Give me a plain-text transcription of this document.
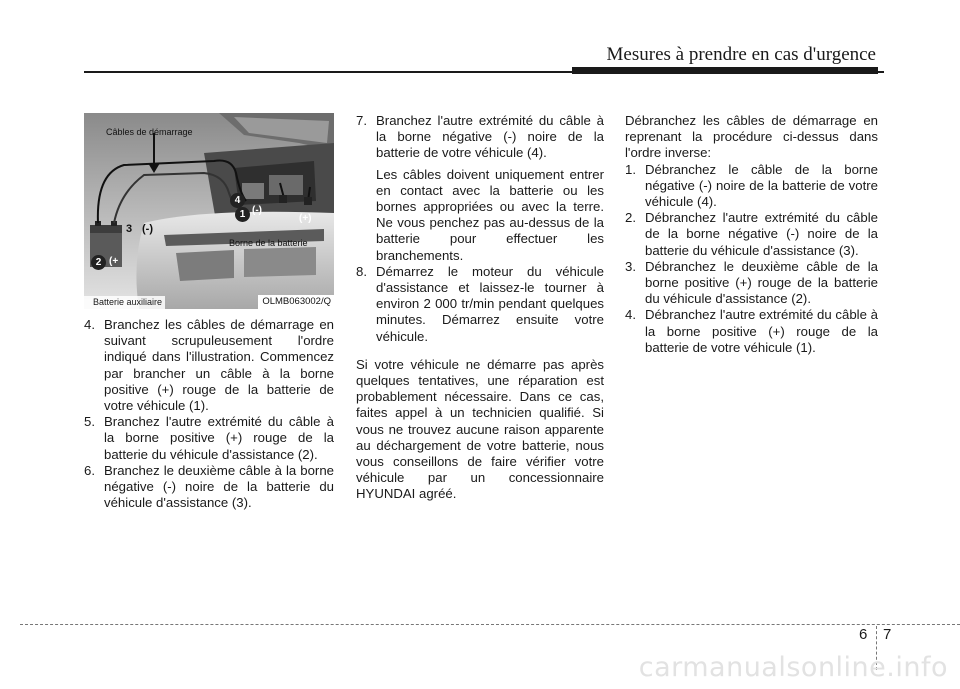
Mesures à prendre en cas d'urgence
Câbles de démarrage
Borne de la batterie
Batterie auxiliaire	OLMB063002/Q
1
2
3
4
(-)
(-)
(+)
(+
4. Branchez les câbles de démarrage en suivant scrupuleusement l'ordre indiqué dans l'illustration. Commencez par brancher un câble à la borne positive (+) rouge de la batterie de votre véhicule (1).
5. Branchez l'autre extrémité du câble à la borne positive (+) rouge de la batterie du véhicule d'assistance (2).
6. Branchez le deuxième câble à la borne négative (-) noire de la batterie du véhicule d'assistance (3).
7. Branchez l'autre extrémité du câble à la borne négative (-) noire de la batterie de votre véhicule (4).

Les câbles doivent uniquement entrer en contact avec la batterie ou les bornes appropriées ou avec la terre. Ne vous penchez pas au-dessus de la batterie pour effectuer les branchements.

8. Démarrez le moteur du véhicule d'assistance et laissez-le tourner à environ 2 000 tr/min pendant quelques minutes. Démarrez ensuite votre véhicule.

Si votre véhicule ne démarre pas après quelques tentatives, une réparation est probablement nécessaire. Dans ce cas, faites appel à un technicien qualifié. Si vous ne trouvez aucune raison apparente au déchargement de votre batterie, nous vous conseillons de faire vérifier votre véhicule par un concessionnaire HYUNDAI agréé.

Débranchez les câbles de démarrage en reprenant la procédure ci-dessus dans l'ordre inverse:

1. Débranchez le câble de la borne négative (-) noire de la batterie de votre véhicule (4).
2. Débranchez l'autre extrémité du câble de la borne négative (-) noire de la batterie du véhicule d'assistance (3).
3. Débranchez le deuxième câble de la borne positive (+) rouge de la batterie du véhicule d'assistance (2).
4. Débranchez l'autre extrémité du câble à la borne positive (+) rouge de la batterie de votre véhicule (1).
6 7
carmanualsonline.info
